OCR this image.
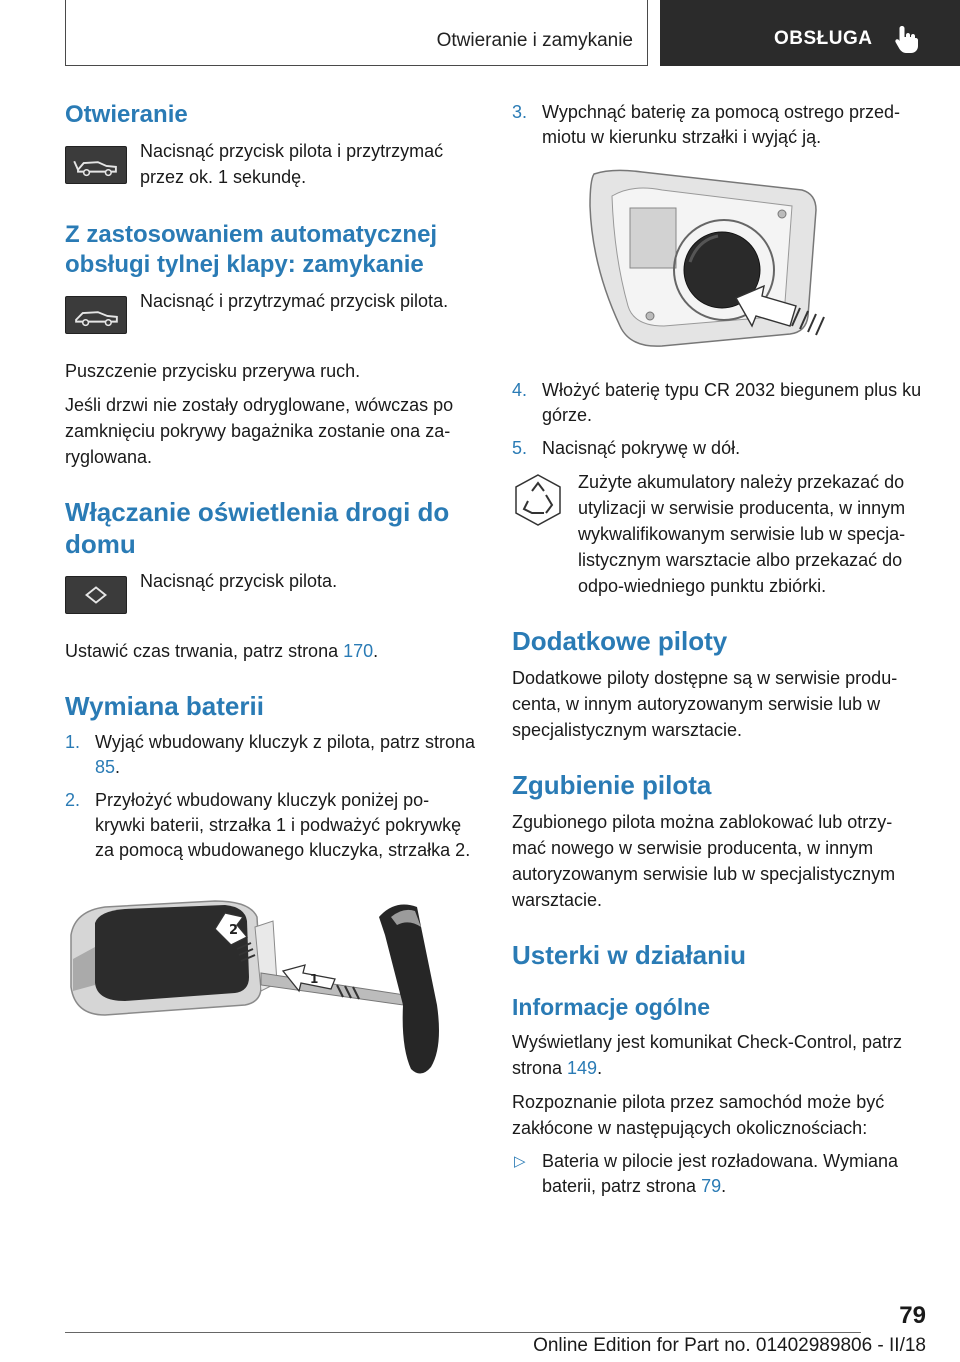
Otwieranie i zamykanie	OBSŁUGA
Otwieranie
Nacisnąć przycisk pilota i przytrzymać przez ok. 1 sekundę.
Z zastosowaniem automatycznej obsługi tylnej klapy: zamykanie
Nacisnąć i przytrzymać przycisk pilota.

Puszczenie przycisku przerywa ruch.

Jeśli drzwi nie zostały odryglowane, wówczas po zamknięciu pokrywy bagażnika zostanie ona za-ryglowana.

Włączanie oświetlenia drogi do domu
Nacisnąć przycisk pilota.

Ustawić czas trwania, patrz strona 170.

Wymiana baterii
1. Wyjąć wbudowany kluczyk z pilota, patrz strona 85.
2. Przyłożyć wbudowany kluczyk poniżej po-krywki baterii, strzałka 1 i podważyć pokrywkę za pomocą wbudowanego kluczyka, strzałka 2.
2
1
3. Wypchnąć baterię za pomocą ostrego przed-miotu w kierunku strzałki i wyjąć ją.
4. Włożyć baterię typu CR 2032 biegunem plus ku górze.
5. Nacisnąć pokrywę w dół.

Zużyte akumulatory należy przekazać do utylizacji w serwisie producenta, w innym wykwalifikowanym serwisie lub w specja-listycznym warsztacie albo przekazać do odpo-wiedniego punktu zbiórki.

Dodatkowe piloty

Dodatkowe piloty dostępne są w serwisie produ-centa, w innym autoryzowanym serwisie lub w specjalistycznym warsztacie.

Zgubienie pilota

Zgubionego pilota można zablokować lub otrzy-mać nowego w serwisie producenta, w innym autoryzowanym serwisie lub w specjalistycznym warsztacie.

Usterki w działaniu
Informacje ogólne

Wyświetlany jest komunikat Check-Control, patrz strona 149.

Rozpoznanie pilota przez samochód może być zakłócone w następujących okolicznościach:

▷ Bateria w pilocie jest rozładowana. Wymiana baterii, patrz strona 79.
79
Online Edition for Part no. 01402989806 - II/18
